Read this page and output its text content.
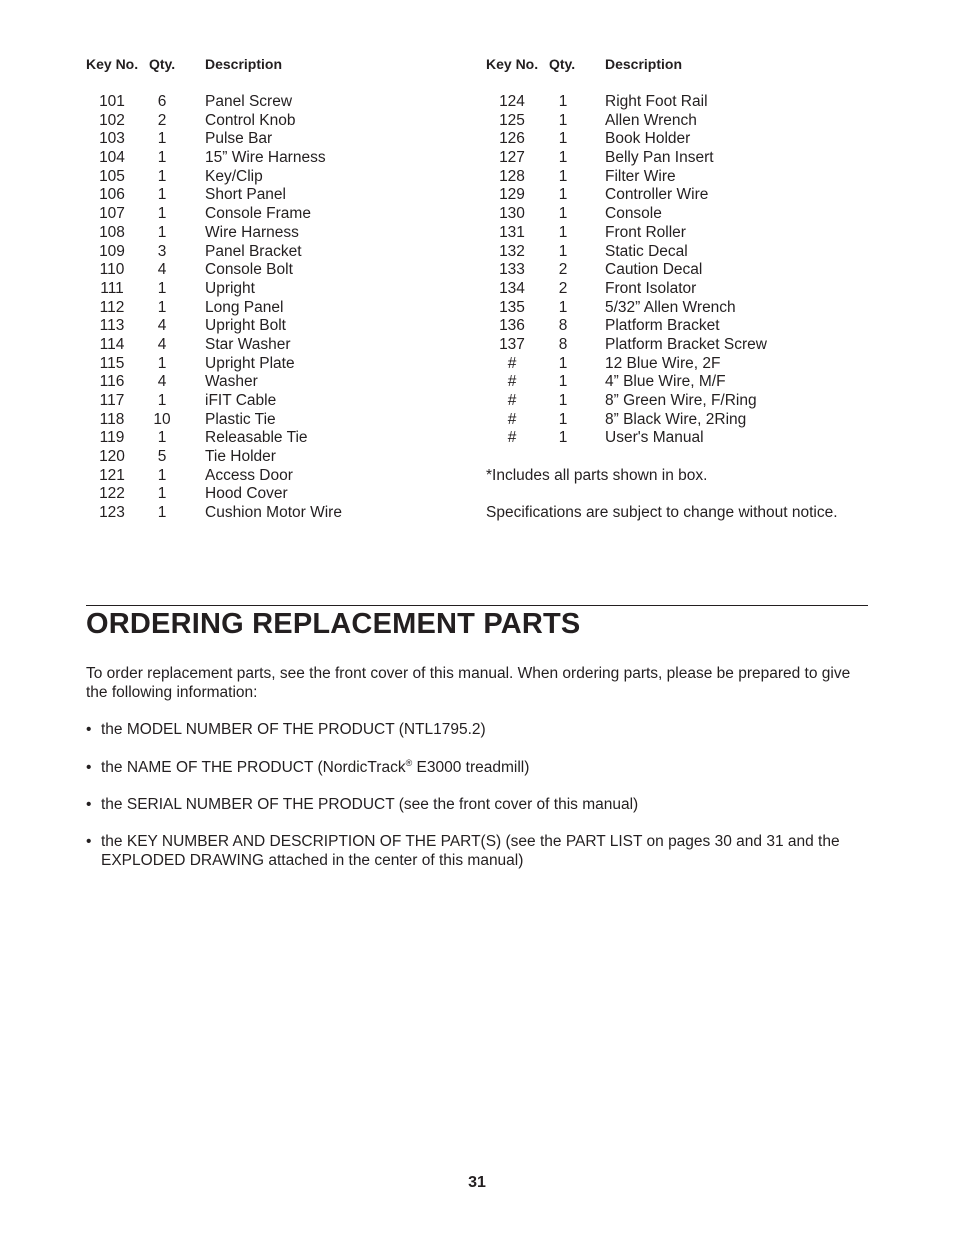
Key No. Qty. Description	Key No. Qty. Description
101	6	Panel Screw
102	2	Control Knob
103	1	Pulse Bar
104	1	15” Wire Harness
105	1	Key/Clip
106	1	Short Panel
107	1	Console Frame
108	1	Wire Harness
109	3	Panel Bracket
110	4	Console Bolt
111	1	Upright
112	1	Long Panel
113	4	Upright Bolt
114	4	Star Washer
115	1	Upright Plate
116	4	Washer
117	1	iFIT Cable
118	10	Plastic Tie
119	1	Releasable Tie
120	5	Tie Holder
121	1	Access Door
122	1	Hood Cover
123	1	Cushion Motor Wire
124	1	Right Foot Rail
125	1	Allen Wrench
126	1	Book Holder
127	1	Belly Pan Insert
128	1	Filter Wire
129	1	Controller Wire
130	1	Console
131	1	Front Roller
132	1	Static Decal
133	2	Caution Decal
134	2	Front Isolator
135	1	5/32” Allen Wrench
136	8	Platform Bracket
137	8	Platform Bracket Screw
#	1	12 Blue Wire, 2F
#	1	4” Blue Wire, M/F
#	1	8” Green Wire, F/Ring
#	1	8” Black Wire, 2Ring
#	1	User's Manual
*Includes all parts shown in box.
Specifications are subject to change without notice.
ORDERING REPLACEMENT PARTS

To order replacement parts, see the front cover of this manual. When ordering parts, please be prepared to give the following information:

• the MODEL NUMBER OF THE PRODUCT (NTL1795.2)
• the NAME OF THE PRODUCT (NordicTrack® E3000 treadmill)
• the SERIAL NUMBER OF THE PRODUCT (see the front cover of this manual)
• the KEY NUMBER AND DESCRIPTION OF THE PART(S) (see the PART LIST on pages 30 and 31 and the EXPLODED DRAWING attached in the center of this manual)
31
